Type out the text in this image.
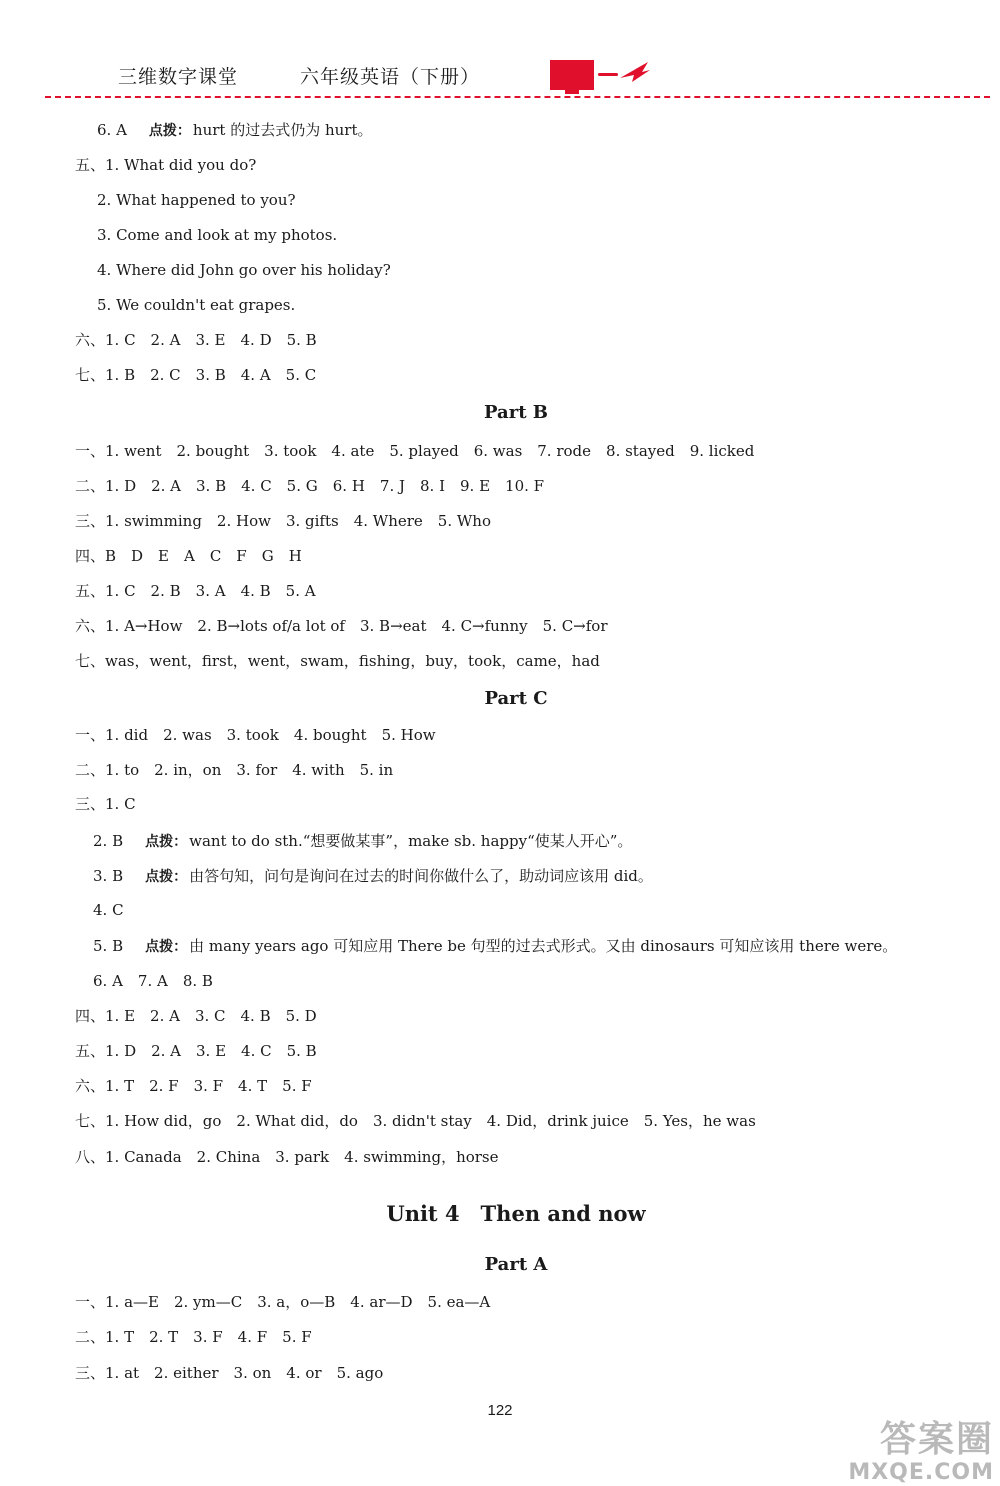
三维数字课堂	六年级英语（下册）
6. A 点拨： hurt 的过去式仍为 hurt。
五、1. What did you do?
2. What happened to you?
3. Come and look at my photos.
4. Where did John go over his holiday?
5. We couldn't eat grapes.
六、1. C　2. A　3. E　4. D　5. B
七、1. B　2. C　3. B　4. A　5. C
Part B
一、1. went　2. bought　3. took　4. ate　5. played　6. was　7. rode　8. stayed　9. licked
二、1. D　2. A　3. B　4. C　5. G　6. H　7. J　8. I　9. E　10. F
三、1. swimming　2. How　3. gifts　4. Where　5. Who
四、B　D　E　A　C　F　G　H
五、1. C　2. B　3. A　4. B　5. A
六、1. A→How　2. B→lots of/a lot of　3. B→eat　4. C→funny　5. C→for
七、was，went，first，went，swam，fishing，buy，took，came，had
Part C
一、1. did　2. was　3. took　4. bought　5. How
二、1. to　2. in，on　3. for　4. with　5. in
三、1. C
2. B 点拨： want to do sth.“想要做某事”，make sb. happy“使某人开心”。
3. B 点拨： 由答句知，问句是询问在过去的时间你做什么了，助动词应该用 did。
4. C
5. B 点拨： 由 many years ago 可知应用 There be 句型的过去式形式。又由 dinosaurs 可知应该用 there were。
6. A　7. A　8. B
四、1. E　2. A　3. C　4. B　5. D
五、1. D　2. A　3. E　4. C　5. B
六、1. T　2. F　3. F　4. T　5. F
七、1. How did，go　2. What did，do　3. didn't stay　4. Did，drink juice　5. Yes，he was
八、1. Canada　2. China　3. park　4. swimming，horse
Unit 4　Then and now
Part A
一、1. a—E　2. ym—C　3. a，o—B　4. ar—D　5. ea—A
二、1. T　2. T　3. F　4. F　5. F
三、1. at　2. either　3. on　4. or　5. ago
122
答案圈
MXQE.COM
